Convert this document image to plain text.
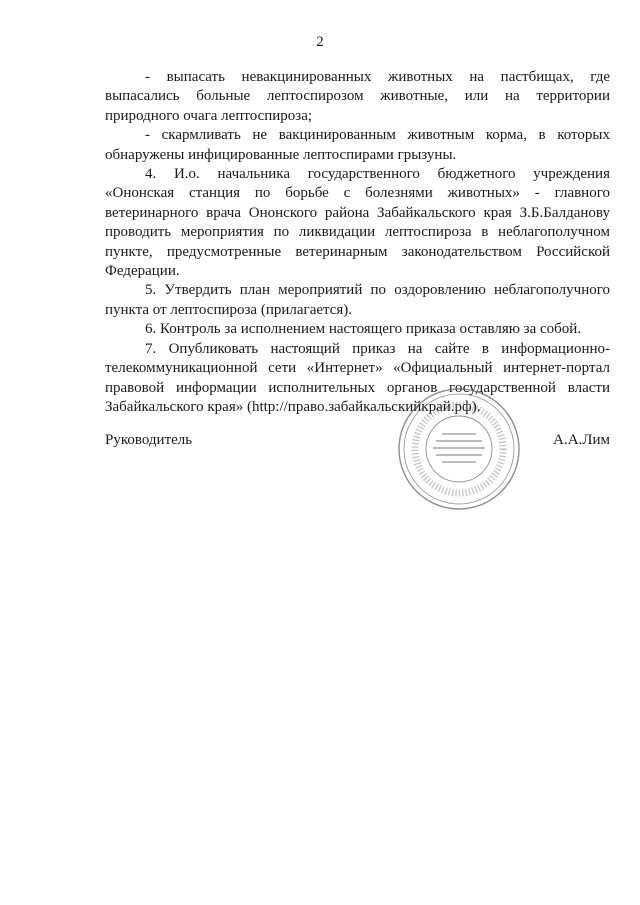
2

- выпасать невакцинированных животных на пастбищах, где выпасались больные лептоспирозом животные, или на территории природного очага лептоспироза;

- скармливать не вакцинированным животным корма, в которых обнаружены инфицированные лептоспирами грызуны.

4. И.о. начальника государственного бюджетного учреждения «Ононская станция по борьбе с болезнями животных» - главного ветеринарного врача Ононского района Забайкальского края З.Б.Балданову проводить мероприятия по ликвидации лептоспироза в неблагополучном пункте, предусмотренные ветеринарным законодательством Российской Федерации.

5. Утвердить план мероприятий по оздоровлению неблагополучного пункта от лептоспироза (прилагается).

6. Контроль за исполнением настоящего приказа оставляю за собой.

7. Опубликовать настоящий приказ на сайте в информационно-телекоммуникационной сети «Интернет» «Официальный интернет-портал правовой информации исполнительных органов государственной власти Забайкальского края» (http://право.забайкальскийкрай.рф).

Руководитель	А.А.Лим
